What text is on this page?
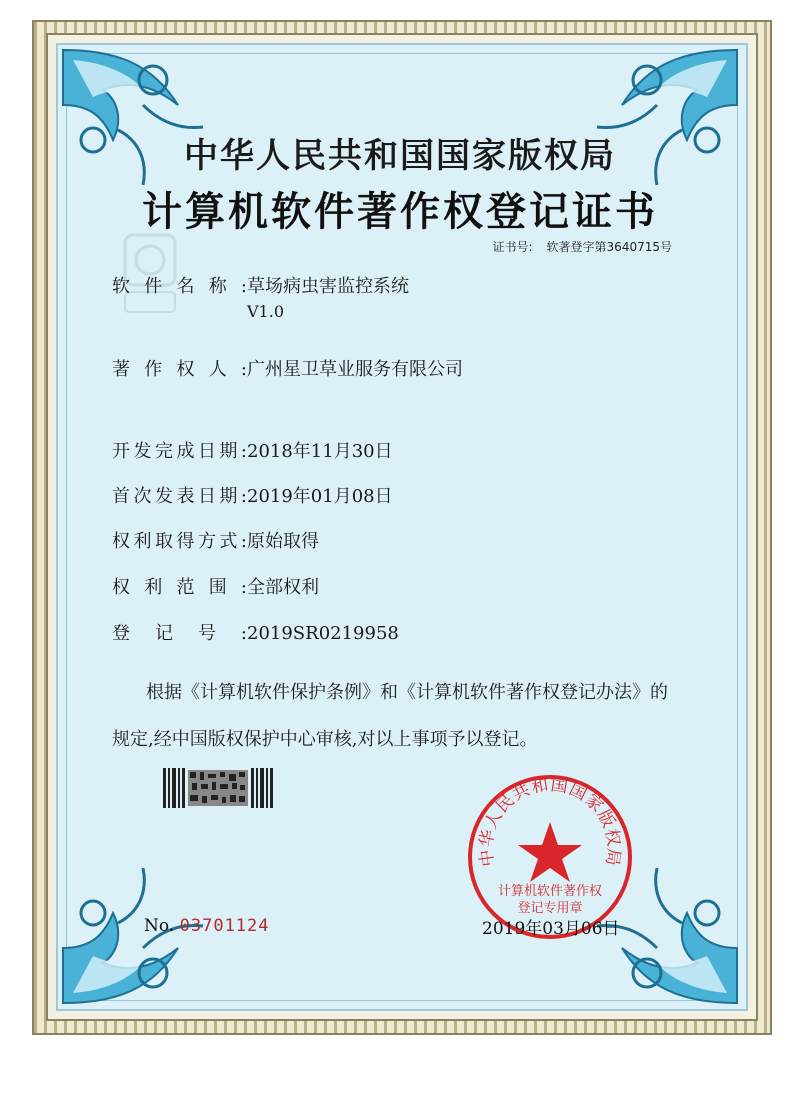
中华人民共和国国家版权局
计算机软件著作权登记证书
证书号: 软著登字第3640715号
软件名称:草场病虫害监控系统
V1.0
著作权人:广州星卫草业服务有限公司
开发完成日期:2018年11月30日
首次发表日期:2019年01月08日
权利取得方式:原始取得
权利范围:全部权利
登记号:2019SR0219958
根据《计算机软件保护条例》和《计算机软件著作权登记办法》的
规定,经中国版权保护中心审核,对以上事项予以登记。
No. 03701124
中华人民共和国国家版权局
计算机软件著作权
登记专用章
2019年03月06日
